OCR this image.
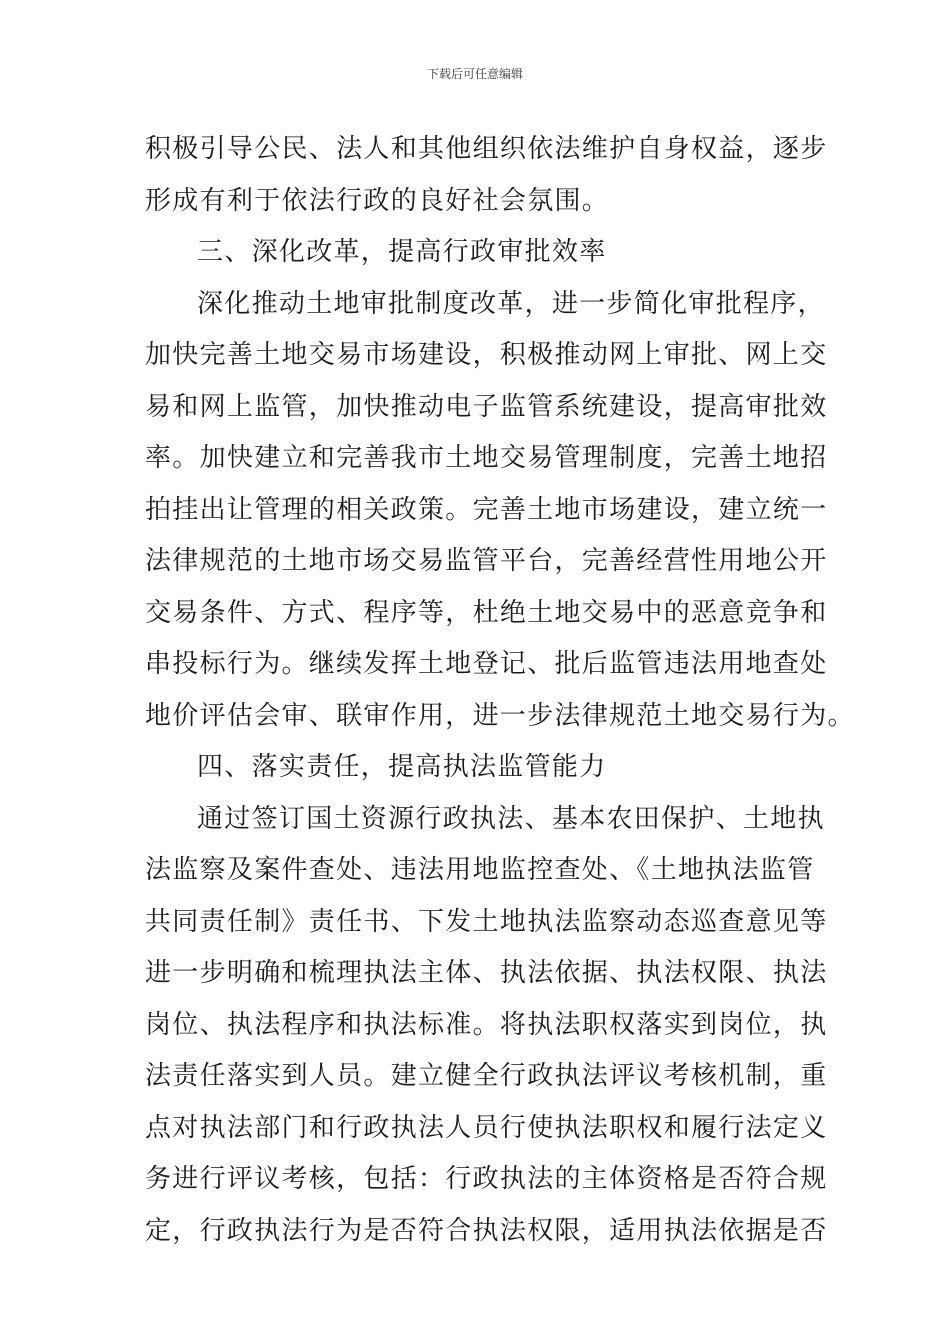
下载后可任意编辑
积极引导公民、法人和其他组织依法维护自身权益，逐步
形成有利于依法行政的良好社会氛围。
三、深化改革，提高行政审批效率
深化推动土地审批制度改革，进一步简化审批程序，
加快完善土地交易市场建设，积极推动网上审批、网上交
易和网上监管，加快推动电子监管系统建设，提高审批效
率。加快建立和完善我市土地交易管理制度，完善土地招
拍挂出让管理的相关政策。完善土地市场建设，建立统一
法律规范的土地市场交易监管平台，完善经营性用地公开
交易条件、方式、程序等，杜绝土地交易中的恶意竞争和
串投标行为。继续发挥土地登记、批后监管违法用地查处
地价评估会审、联审作用，进一步法律规范土地交易行为。
四、落实责任，提高执法监管能力
通过签订国土资源行政执法、基本农田保护、土地执
法监察及案件查处、违法用地监控查处、《土地执法监管
共同责任制》责任书、下发土地执法监察动态巡查意见等
进一步明确和梳理执法主体、执法依据、执法权限、执法
岗位、执法程序和执法标准。将执法职权落实到岗位，执
法责任落实到人员。建立健全行政执法评议考核机制，重
点对执法部门和行政执法人员行使执法职权和履行法定义
务进行评议考核，包括：行政执法的主体资格是否符合规
定，行政执法行为是否符合执法权限，适用执法依据是否
